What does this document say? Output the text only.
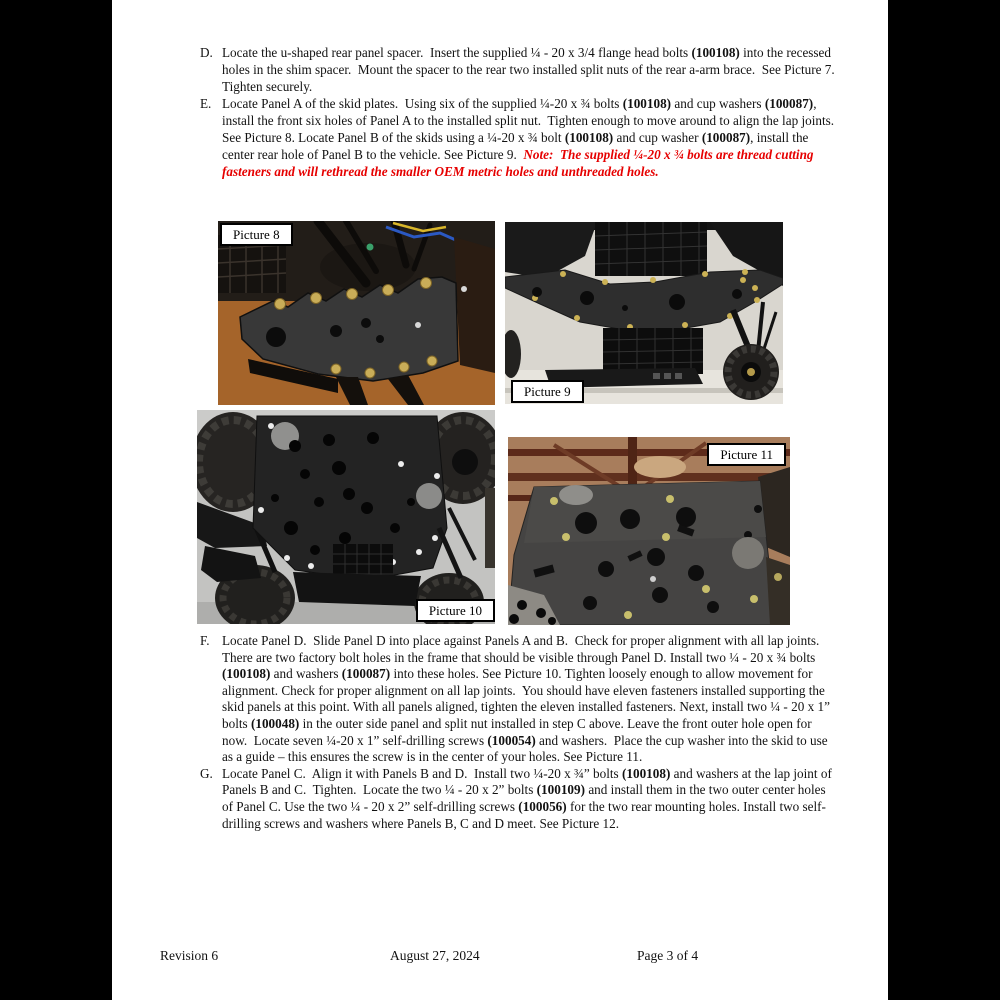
D. Locate the u-shaped rear panel spacer.  Insert the supplied ¼ - 20 x 3/4 flange head bolts (100108) into the recessed holes in the shim spacer.  Mount the spacer to the rear two installed split nuts of the rear a-arm brace.  See Picture 7. Tighten securely.
E. Locate Panel A of the skid plates.  Using six of the supplied ¼-20 x ¾ bolts (100108) and cup washers (100087), install the front six holes of Panel A to the installed split nut.  Tighten enough to move around to align the lap joints. See Picture 8. Locate Panel B of the skids using a ¼-20 x ¾ bolt (100108) and cup washer (100087), install the center rear hole of Panel B to the vehicle. See Picture 9.  Note:  The supplied ¼-20 x ¾ bolts are thread cutting fasteners and will rethread the smaller OEM metric holes and unthreaded holes.
Picture 8
Picture 9
Picture 10
Picture 11
F. Locate Panel D.  Slide Panel D into place against Panels A and B.  Check for proper alignment with all lap joints. There are two factory bolt holes in the frame that should be visible through Panel D. Install two ¼ - 20 x ¾ bolts (100108) and washers (100087) into these holes. See Picture 10. Tighten loosely enough to allow movement for alignment. Check for proper alignment on all lap joints.  You should have eleven fasteners installed supporting the skid panels at this point. With all panels aligned, tighten the eleven installed fasteners. Next, install two ¼ - 20 x 1” bolts (100048) in the outer side panel and split nut installed in step C above. Leave the front outer hole open for now.  Locate seven ¼-20 x 1” self-drilling screws (100054) and washers.  Place the cup washer into the skid to use as a guide – this ensures the screw is in the center of your holes. See Picture 11.
G. Locate Panel C.  Align it with Panels B and D.  Install two ¼-20 x ¾” bolts (100108) and washers at the lap joint of Panels B and C.  Tighten.  Locate the two ¼ - 20 x 2” bolts (100109) and install them in the two outer center holes of Panel C. Use the two ¼ - 20 x 2” self-drilling screws (100056) for the two rear mounting holes. Install two self-drilling screws and washers where Panels B, C and D meet. See Picture 12.
Revision 6	August 27, 2024	Page 3 of 4
